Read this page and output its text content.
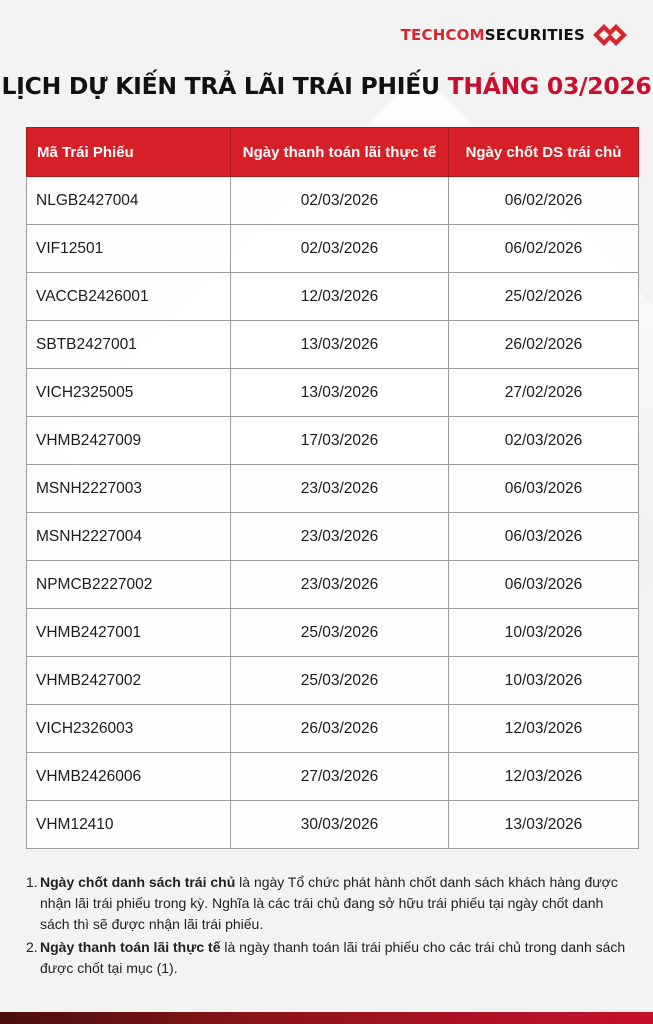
TECHCOMSECURITIES
LỊCH DỰ KIẾN TRẢ LÃI TRÁI PHIẾU THÁNG 03/2026
Mã Trái Phiếu	Ngày thanh toán lãi thực tế	Ngày chốt DS trái chủ
NLGB2427004	02/03/2026	06/02/2026
VIF12501	02/03/2026	06/02/2026
VACCB2426001	12/03/2026	25/02/2026
SBTB2427001	13/03/2026	26/02/2026
VICH2325005	13/03/2026	27/02/2026
VHMB2427009	17/03/2026	02/03/2026
MSNH2227003	23/03/2026	06/03/2026
MSNH2227004	23/03/2026	06/03/2026
NPMCB2227002	23/03/2026	06/03/2026
VHMB2427001	25/03/2026	10/03/2026
VHMB2427002	25/03/2026	10/03/2026
VICH2326003	26/03/2026	12/03/2026
VHMB2426006	27/03/2026	12/03/2026
VHM12410	30/03/2026	13/03/2026
1. Ngày chốt danh sách trái chủ là ngày Tổ chức phát hành chốt danh sách khách hàng được nhận lãi trái phiếu trong kỳ. Nghĩa là các trái chủ đang sở hữu trái phiếu tại ngày chốt danh sách thì sẽ được nhận lãi trái phiếu.
2. Ngày thanh toán lãi thực tế là ngày thanh toán lãi trái phiếu cho các trái chủ trong danh sách được chốt tại mục (1).
